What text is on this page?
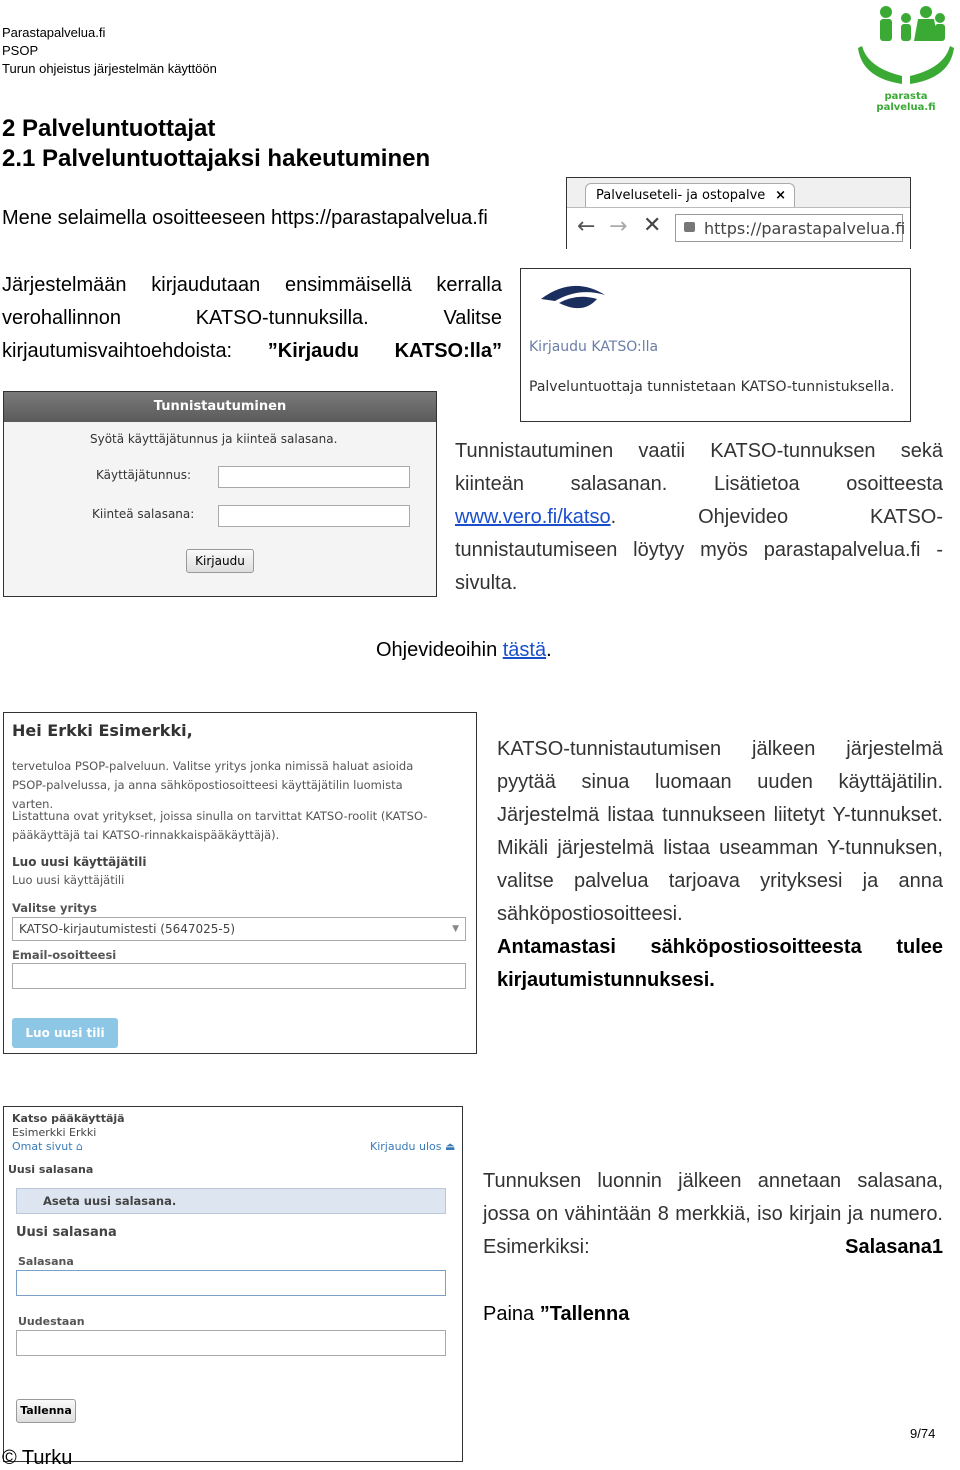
Parastapalvelua.fi
PSOP
Turun ohjeistus järjestelmän käyttöön
parasta palvelua.fi
2 Palveluntuottajat
2.1 Palveluntuottajaksi hakeutuminen
Mene selaimella osoitteeseen https://parastapalvelua.fi
Järjestelmään kirjaudutaan ensimmäisellä kerralla verohallinnon KATSO-tunnuksilla. Valitse kirjautumisvaihtoehdoista: ”Kirjaudu KATSO:lla”
Palveluseteli- ja ostopalve ×
← → ✕	https://parastapalvelua.fi
Kirjaudu KATSO:lla
Palveluntuottaja tunnistetaan KATSO-tunnistuksella.
Tunnistautuminen
Syötä käyttäjätunnus ja kiinteä salasana.
Käyttäjätunnus:
Kiinteä salasana:
Kirjaudu
Tunnistautuminen vaatii KATSO-tunnuksen sekä kiinteän salasanan. Lisätietoa osoitteesta www.vero.fi/katso. Ohjevideo KATSO-tunnistautumiseen löytyy myös parastapalvelua.fi -sivulta.
Ohjevideoihin tästä.
Hei Erkki Esimerkki,
tervetuloa PSOP-palveluun. Valitse yritys jonka nimissä haluat asioida PSOP-palvelussa, ja anna sähköpostiosoitteesi käyttäjätilin luomista varten.
Listattuna ovat yritykset, joissa sinulla on tarvittat KATSO-roolit (KATSO-pääkäyttäjä tai KATSO-rinnakkaispääkäyttäjä).
Luo uusi käyttäjätili
Luo uusi käyttäjätili
Valitse yritys
KATSO-kirjautumistesti (5647025-5)	▼
Email-osoitteesi
Luo uusi tili
KATSO-tunnistautumisen jälkeen järjestelmä pyytää sinua luomaan uuden käyttäjätilin. Järjestelmä listaa tunnukseen liitetyt Y-tunnukset. Mikäli järjestelmä listaa useamman Y-tunnuksen, valitse palvelua tarjoava yrityksesi ja anna sähköpostiosoitteesi.
Antamastasi sähköpostiosoitteesta tulee kirjautumistunnuksesi.
Katso pääkäyttäjä
Esimerkki Erkki
Omat sivut ⌂	Kirjaudu ulos ⏏
Uusi salasana
Aseta uusi salasana.
Uusi salasana
Salasana
Uudestaan
Tallenna
Tunnuksen luonnin jälkeen annetaan salasana, jossa on vähintään 8 merkkiä, iso kirjain ja numero. Esimerkiksi: Salasana1
Paina ”Tallenna
© Turku
9/74
